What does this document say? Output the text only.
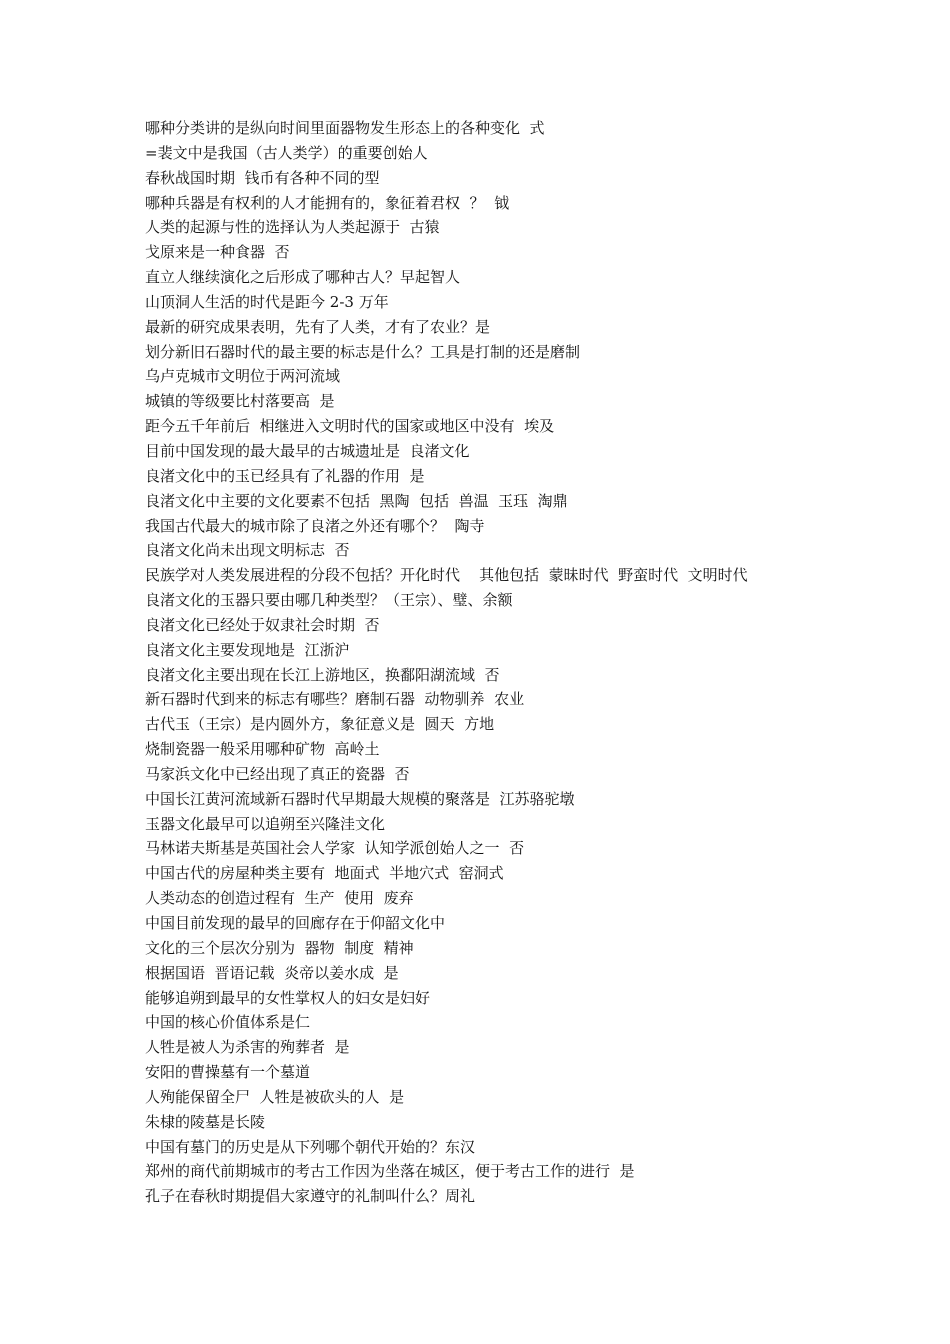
哪种分类讲的是纵向时间里面器物发生形态上的各种变化  式
=裴文中是我国（古人类学）的重要创始人
春秋战国时期  钱币有各种不同的型
哪种兵器是有权利的人才能拥有的，象征着君权  ？  钺
人类的起源与性的选择认为人类起源于  古猿
戈原来是一种食器  否
直立人继续演化之后形成了哪种古人？早起智人
山顶洞人生活的时代是距今 2-3 万年
最新的研究成果表明，先有了人类，才有了农业？是
划分新旧石器时代的最主要的标志是什么？工具是打制的还是磨制
乌卢克城市文明位于两河流域
城镇的等级要比村落要高  是
距今五千年前后  相继进入文明时代的国家或地区中没有  埃及
目前中国发现的最大最早的古城遗址是  良渚文化
良渚文化中的玉已经具有了礼器的作用  是
良渚文化中主要的文化要素不包括  黑陶  包括  兽温  玉珏  淘鼎
我国古代最大的城市除了良渚之外还有哪个？  陶寺
良渚文化尚未出现文明标志  否
民族学对人类发展进程的分段不包括？开化时代    其他包括  蒙昧时代  野蛮时代  文明时代
良渚文化的玉器只要由哪几种类型？（王宗）、璧、余额
良渚文化已经处于奴隶社会时期  否
良渚文化主要发现地是  江浙沪
良渚文化主要出现在长江上游地区，换鄱阳湖流域  否
新石器时代到来的标志有哪些？磨制石器  动物驯养  农业
古代玉（王宗）是内圆外方，象征意义是  圆天  方地
烧制瓷器一般采用哪种矿物  高岭土
马家浜文化中已经出现了真正的瓷器  否
中国长江黄河流域新石器时代早期最大规模的聚落是  江苏骆驼墩
玉器文化最早可以追朔至兴隆洼文化
马林诺夫斯基是英国社会人学家  认知学派创始人之一  否
中国古代的房屋种类主要有  地面式  半地穴式  窑洞式
人类动态的创造过程有  生产  使用  废弃
中国目前发现的最早的回廊存在于仰韶文化中
文化的三个层次分别为  器物  制度  精神
根据国语  晋语记载  炎帝以姜水成  是
能够追朔到最早的女性掌权人的妇女是妇好
中国的核心价值体系是仁
人牲是被人为杀害的殉葬者  是
安阳的曹操墓有一个墓道
人殉能保留全尸  人牲是被砍头的人  是
朱棣的陵墓是长陵
中国有墓门的历史是从下列哪个朝代开始的？东汉
郑州的商代前期城市的考古工作因为坐落在城区，便于考古工作的进行  是
孔子在春秋时期提倡大家遵守的礼制叫什么？周礼
